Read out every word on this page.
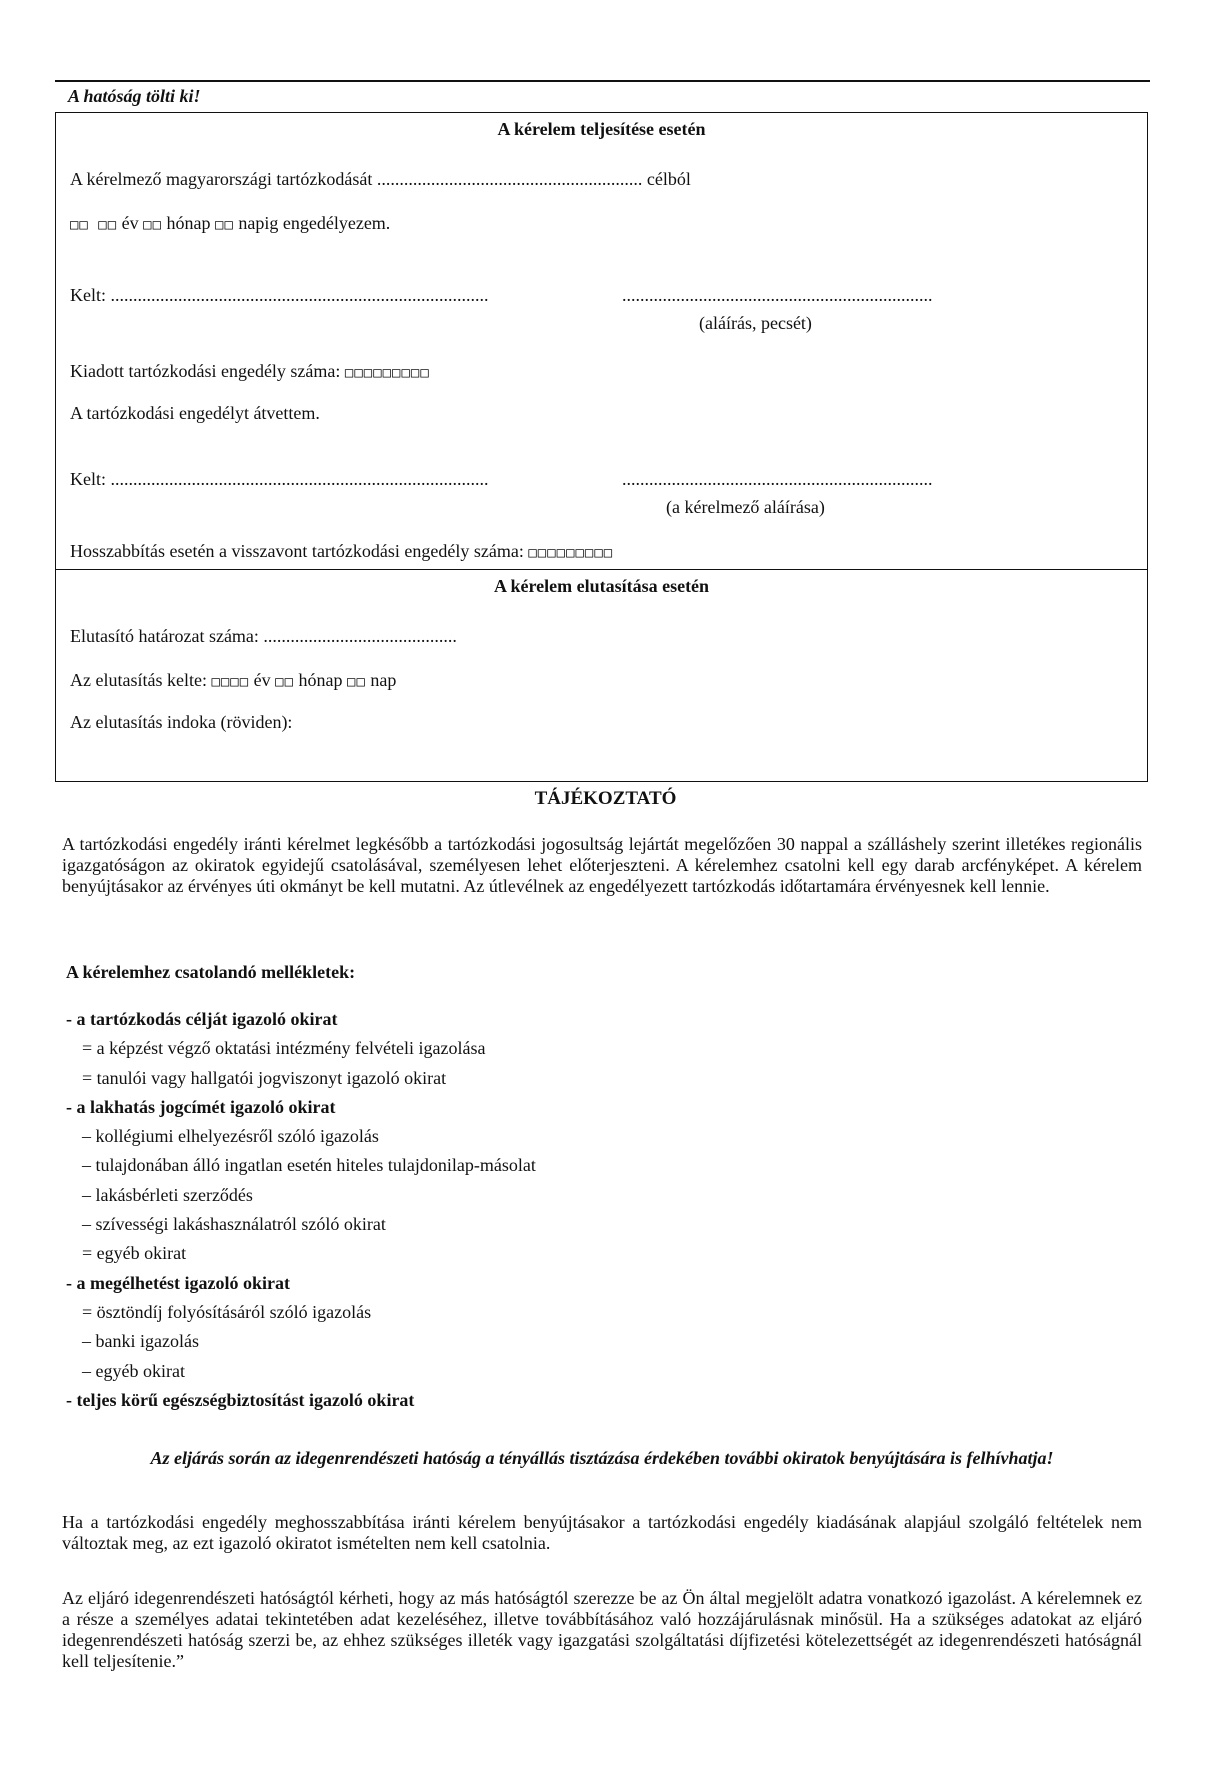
A hatóság tölti ki!
A kérelem teljesítése esetén
A kérelmező magyarországi tartózkodását ........................................................... célból
□□ □□ év □□ hónap □□ napig engedélyezem.
Kelt: ....................................................................................	.....................................................................
(aláírás, pecsét)
Kiadott tartózkodási engedély száma: □□□□□□□□□
A tartózkodási engedélyt átvettem.
Kelt: ....................................................................................	.....................................................................
(a kérelmező aláírása)
Hosszabbítás esetén a visszavont tartózkodási engedély száma: □□□□□□□□□
A kérelem elutasítása esetén
Elutasító határozat száma: ...........................................
Az elutasítás kelte: □□□□ év □□ hónap □□ nap
Az elutasítás indoka (röviden):
TÁJÉKOZTATÓ
A tartózkodási engedély iránti kérelmet legkésőbb a tartózkodási jogosultság lejártát megelőzően 30 nappal a szálláshely szerint illetékes regionális igazgatóságon az okiratok egyidejű csatolásával, személyesen lehet előterjeszteni. A kérelemhez csatolni kell egy darab arcfényképet. A kérelem benyújtásakor az érvényes úti okmányt be kell mutatni. Az útlevélnek az engedélyezett tartózkodás időtartamára érvényesnek kell lennie.
A kérelemhez csatolandó mellékletek:
- a tartózkodás célját igazoló okirat
= a képzést végző oktatási intézmény felvételi igazolása
= tanulói vagy hallgatói jogviszonyt igazoló okirat
- a lakhatás jogcímét igazoló okirat
– kollégiumi elhelyezésről szóló igazolás
– tulajdonában álló ingatlan esetén hiteles tulajdonilap-másolat
– lakásbérleti szerződés
– szívességi lakáshasználatról szóló okirat
= egyéb okirat
- a megélhetést igazoló okirat
= ösztöndíj folyósításáról szóló igazolás
– banki igazolás
– egyéb okirat
- teljes körű egészségbiztosítást igazoló okirat
Az eljárás során az idegenrendészeti hatóság a tényállás tisztázása érdekében további okiratok benyújtására is felhívhatja!
Ha a tartózkodási engedély meghosszabbítása iránti kérelem benyújtásakor a tartózkodási engedély kiadásának alapjául szolgáló feltételek nem változtak meg, az ezt igazoló okiratot ismételten nem kell csatolnia.
Az eljáró idegenrendészeti hatóságtól kérheti, hogy az más hatóságtól szerezze be az Ön által megjelölt adatra vonatkozó igazolást. A kérelemnek ez a része a személyes adatai tekintetében adat kezeléséhez, illetve továbbításához való hozzájárulásnak minősül. Ha a szükséges adatokat az eljáró idegenrendészeti hatóság szerzi be, az ehhez szükséges illeték vagy igazgatási szolgáltatási díjfizetési kötelezettségét az idegenrendészeti hatóságnál kell teljesítenie.”
